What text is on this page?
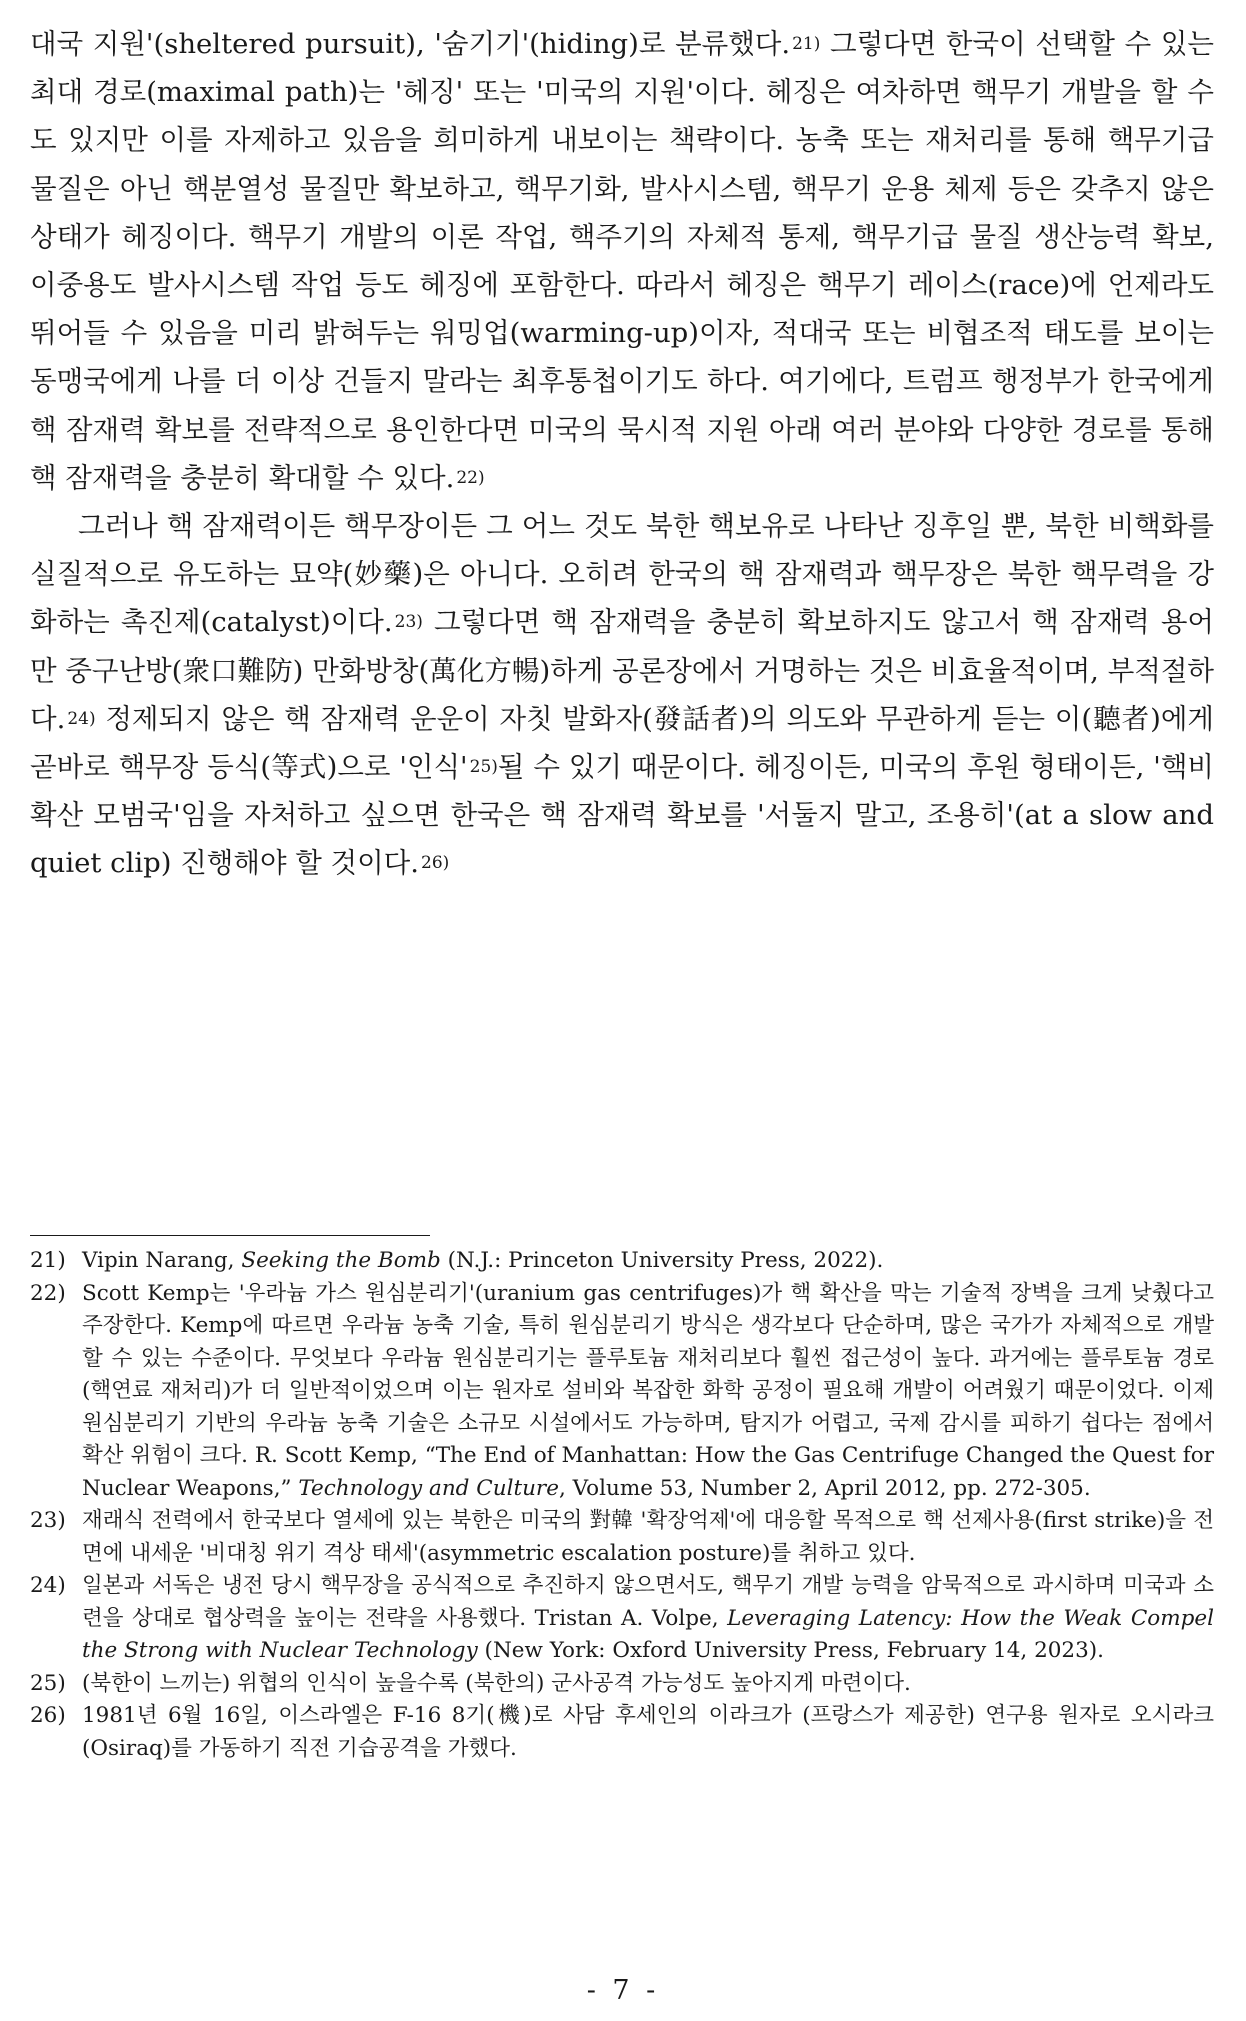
대국 지원'(sheltered pursuit), '숨기기'(hiding)로 분류했다. $^{21)}$ 그렇다면 한국이 선택할 수 있는 최대 경로(maximal path)는 '헤징' 또는 '미국의 지원'이다. 헤징은 여차하면 핵무기 개발을 할 수도 있지만 이를 자제하고 있음을 희미하게 내보이는 책략이다. 농축 또는 재처리를 통해 핵무기급 물질은 아닌 핵분열성 물질만 확보하고, 핵무기화, 발사시스템, 핵무기 운용 체제 등은 갖추지 않은 상태가 헤징이다. 핵무기 개발의 이론 작업, 핵주기의 자체적 통제, 핵무기급 물질 생산능력 확보, 이중용도 발사시스템 작업 등도 헤징에 포함한다. 따라서 헤징은 핵무기 레이스(race)에 언제라도 뛰어들 수 있음을 미리 밝혀두는 워밍업(warming-up)이자, 적대국 또는 비협조적 태도를 보이는 동맹국에게 나를 더 이상 건들지 말라는 최후통첩이기도 하다. 여기에다, 트럼프 행정부가 한국에게 핵 잠재력 확보를 전략적으로 용인한다면 미국의 묵시적 지원 아래 여러 분야와 다양한 경로를 통해 핵 잠재력을 충분히 확대할 수 있다. $^{22)}$

그러나 핵 잠재력이든 핵무장이든 그 어느 것도 북한 핵보유로 나타난 징후일 뿐, 북한 비핵화를 실질적으로 유도하는 묘약(妙藥)은 아니다. 오히려 한국의 핵 잠재력과 핵무장은 북한 핵무력을 강화하는 촉진제(catalyst)이다. $^{23)}$ 그렇다면 핵 잠재력을 충분히 확보하지도 않고서 핵 잠재력 용어만 중구난방(衆口難防) 만화방창(萬化方暢)하게 공론장에서 거명하는 것은 비효율적이며, 부적절하다. $^{24)}$ 정제되지 않은 핵 잠재력 운운이 자칫 발화자(發話者)의 의도와 무관하게 듣는 이(聽者)에게 곧바로 핵무장 등식(等式)으로 '인식' $^{25)}$될 수 있기 때문이다. 헤징이든, 미국의 후원 형태이든, '핵비확산 모범국'임을 자처하고 싶으면 한국은 핵 잠재력 확보를 '서둘지 말고, 조용히'(at a slow and quiet clip) 진행해야 할 것이다. $^{26)}$

21) Vipin Narang, Seeking the Bomb (N.J.: Princeton University Press, 2022).
22) Scott Kemp는 '우라늄 가스 원심분리기'(uranium gas centrifuges)가 핵 확산을 막는 기술적 장벽을 크게 낮췄다고 주장한다. Kemp에 따르면 우라늄 농축 기술, 특히 원심분리기 방식은 생각보다 단순하며, 많은 국가가 자체적으로 개발할 수 있는 수준이다. 무엇보다 우라늄 원심분리기는 플루토늄 재처리보다 훨씬 접근성이 높다. 과거에는 플루토늄 경로(핵연료 재처리)가 더 일반적이었으며 이는 원자로 설비와 복잡한 화학 공정이 필요해 개발이 어려웠기 때문이었다. 이제 원심분리기 기반의 우라늄 농축 기술은 소규모 시설에서도 가능하며, 탐지가 어렵고, 국제 감시를 피하기 쉽다는 점에서 확산 위험이 크다. R. Scott Kemp, “The End of Manhattan: How the Gas Centrifuge Changed the Quest for Nuclear Weapons,” Technology and Culture, Volume 53, Number 2, April 2012, pp. 272-305.
23) 재래식 전력에서 한국보다 열세에 있는 북한은 미국의 對韓 '확장억제'에 대응할 목적으로 핵 선제사용(first strike)을 전면에 내세운 '비대칭 위기 격상 태세'(asymmetric escalation posture)를 취하고 있다.
24) 일본과 서독은 냉전 당시 핵무장을 공식적으로 추진하지 않으면서도, 핵무기 개발 능력을 암묵적으로 과시하며 미국과 소련을 상대로 협상력을 높이는 전략을 사용했다. Tristan A. Volpe, Leveraging Latency: How the Weak Compel the Strong with Nuclear Technology (New York: Oxford University Press, February 14, 2023).
25) (북한이 느끼는) 위협의 인식이 높을수록 (북한의) 군사공격 가능성도 높아지게 마련이다.
26) 1981년 6월 16일, 이스라엘은 F-16 8기(機)로 사담 후세인의 이라크가 (프랑스가 제공한) 연구용 원자로 오시라크(Osiraq)를 가동하기 직전 기습공격을 가했다.
- 7 -
